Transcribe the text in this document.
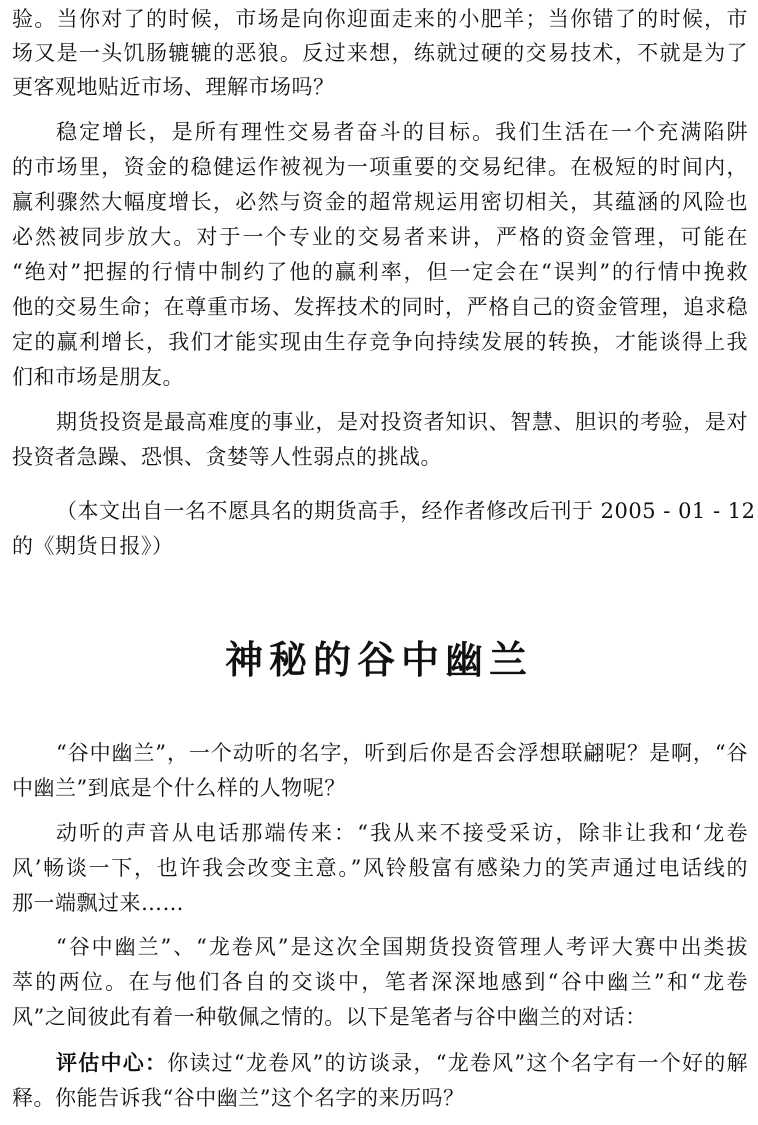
验。当你对了的时候，市场是向你迎面走来的小肥羊；当你错了的时候，市
场又是一头饥肠辘辘的恶狼。反过来想，练就过硬的交易技术，不就是为了
更客观地贴近市场、理解市场吗？
稳定增长，是所有理性交易者奋斗的目标。我们生活在一个充满陷阱
的市场里，资金的稳健运作被视为一项重要的交易纪律。在极短的时间内，
赢利骤然大幅度增长，必然与资金的超常规运用密切相关，其蕴涵的风险也
必然被同步放大。对于一个专业的交易者来讲，严格的资金管理，可能在
“绝对”把握的行情中制约了他的赢利率，但一定会在“误判”的行情中挽救
他的交易生命；在尊重市场、发挥技术的同时，严格自己的资金管理，追求稳
定的赢利增长，我们才能实现由生存竞争向持续发展的转换，才能谈得上我
们和市场是朋友。
期货投资是最高难度的事业，是对投资者知识、智慧、胆识的考验，是对
投资者急躁、恐惧、贪婪等人性弱点的挑战。
（本文出自一名不愿具名的期货高手，经作者修改后刊于 2005 - 01 - 12
的《期货日报》）
神秘的谷中幽兰
“谷中幽兰”，一个动听的名字，听到后你是否会浮想联翩呢？是啊，“谷
中幽兰”到底是个什么样的人物呢？
动听的声音从电话那端传来：“我从来不接受采访，除非让我和‘龙卷
风’畅谈一下，也许我会改变主意。”风铃般富有感染力的笑声通过电话线的
那一端飘过来……
“谷中幽兰”、“龙卷风”是这次全国期货投资管理人考评大赛中出类拔
萃的两位。在与他们各自的交谈中，笔者深深地感到“谷中幽兰”和“龙卷
风”之间彼此有着一种敬佩之情的。以下是笔者与谷中幽兰的对话：
评估中心：你读过“龙卷风”的访谈录，“龙卷风”这个名字有一个好的解
释。你能告诉我“谷中幽兰”这个名字的来历吗？
